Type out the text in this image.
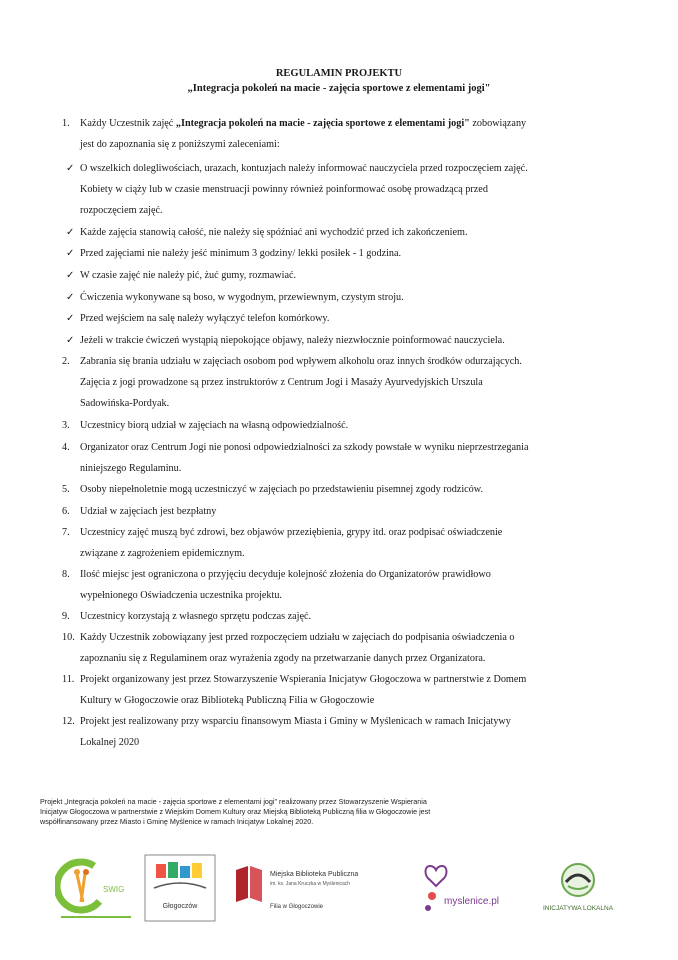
REGULAMIN PROJEKTU
„Integracja pokoleń na macie - zajęcia sportowe z elementami jogi"
1.	Każdy Uczestnik zajęć „Integracja pokoleń na macie - zajęcia sportowe z elementami jogi" zobowiązany
jest do zapoznania się z poniższymi zaleceniami:
✓ O wszelkich dolegliwościach, urazach, kontuzjach należy informować nauczyciela przed rozpoczęciem zajęć.
Kobiety w ciąży lub w czasie menstruacji powinny również poinformować osobę prowadzącą przed
rozpoczęciem zajęć.
✓ Każde zajęcia stanowią całość, nie należy się spóźniać ani wychodzić przed ich zakończeniem.
✓ Przed zajęciami nie należy jeść minimum 3 godziny/ lekki posiłek - 1 godzina.
✓ W czasie zajęć nie należy pić, żuć gumy, rozmawiać.
✓ Ćwiczenia wykonywane są boso, w wygodnym, przewiewnym, czystym stroju.
✓ Przed wejściem na salę należy wyłączyć telefon komórkowy.
✓ Jeżeli w trakcie ćwiczeń wystąpią niepokojące objawy, należy niezwłocznie poinformować nauczyciela.
2.	Zabrania się brania udziału w zajęciach osobom pod wpływem alkoholu oraz innych środków odurzających.
Zajęcia z jogi prowadzone są przez instruktorów z Centrum Jogi i Masaży Ayurvedyjskich Urszula
Sadowińska-Pordyak.
3.	Uczestnicy biorą udział w zajęciach na własną odpowiedzialność.
4.	Organizator oraz Centrum Jogi nie ponosi odpowiedzialności za szkody powstałe w wyniku nieprzestrzegania
niniejszego Regulaminu.
5.	Osoby niepełnoletnie mogą uczestniczyć w zajęciach po przedstawieniu pisemnej zgody rodziców.
6.	Udział w zajęciach jest bezpłatny
7.	Uczestnicy zajęć muszą być zdrowi, bez objawów przeziębienia, grypy itd. oraz podpisać oświadczenie
związane z zagrożeniem epidemicznym.
8.	Ilość miejsc jest ograniczona o przyjęciu decyduje kolejność złożenia do Organizatorów prawidłowo
wypełnionego Oświadczenia uczestnika projektu.
9.	Uczestnicy korzystają z własnego sprzętu podczas zajęć.
10. Każdy Uczestnik zobowiązany jest przed rozpoczęciem udziału w zajęciach do podpisania oświadczenia o
zapoznaniu się z Regulaminem oraz wyrażenia zgody na przetwarzanie danych przez Organizatora.
11. Projekt organizowany jest przez Stowarzyszenie Wspierania Inicjatyw Głogoczowa w partnerstwie z Domem
Kultury w Głogoczowie oraz Biblioteką Publiczną Filia w Głogoczowie
12. Projekt jest realizowany przy wsparciu finansowym Miasta i Gminy w Myślenicach w ramach Inicjatywy
Lokalnej 2020
Projekt „Integracja pokoleń na macie - zajęcia sportowe z elementami jogi" realizowany przez Stowarzyszenie Wspierania
Inicjatyw Głogoczowa w partnerstwie z Wiejskim Domem Kultury oraz Miejską Biblioteką Publiczną filia w Głogoczowie jest
współfinansowany przez Miasto i Gminę Myślenice w ramach Inicjatyw Lokalnej 2020.
SWIG
Głogoczów
Miejska Biblioteka Publiczna
im. ks. Jana Kruczka w Myślenicach
Filia w Głogoczowie	myslenice.pl
INICJATYWA LOKALNA
